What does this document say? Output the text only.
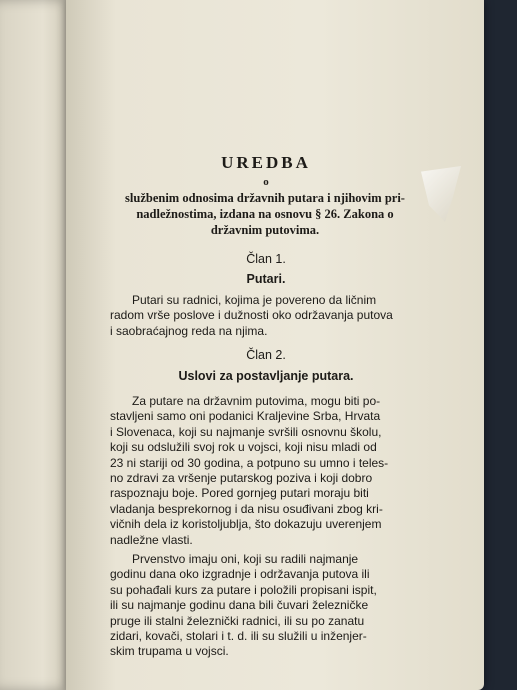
UREDBA
o
službenim odnosima državnih putara i njihovim pri-nadležnostima, izdana na osnovu § 26. Zakona o državnim putovima.
Član 1.
Putari.
Putari su radnici, kojima je povereno da ličnim
radom vrše poslove i dužnosti oko održavanja putova
i saobraćajnog reda na njima.
Član 2.
Uslovi za postavljanje putara.
Za putare na državnim putovima, mogu biti po-
stavljeni samo oni podanici Kraljevine Srba, Hrvata
i Slovenaca, koji su najmanje svršili osnovnu školu,
koji su odslužili svoj rok u vojsci, koji nisu mladi od
23 ni stariji od 30 godina, a potpuno su umno i teles-
no zdravi za vršenje putarskog poziva i koji dobro
raspoznaju boje. Pored gornjeg putari moraju biti
vladanja besprekornog i da nisu osuđivani zbog kri-
vičnih dela iz koristoljublja, što dokazuju uverenjem
nadležne vlasti.
Prvenstvo imaju oni, koji su radili najmanje
godinu dana oko izgradnje i održavanja putova ili
su pohađali kurs za putare i položili propisani ispit,
ili su najmanje godinu dana bili čuvari železničke
pruge ili stalni železnički radnici, ili su po zanatu
zidari, kovači, stolari i t. d. ili su služili u inženjer-
skim trupama u vojsci.
